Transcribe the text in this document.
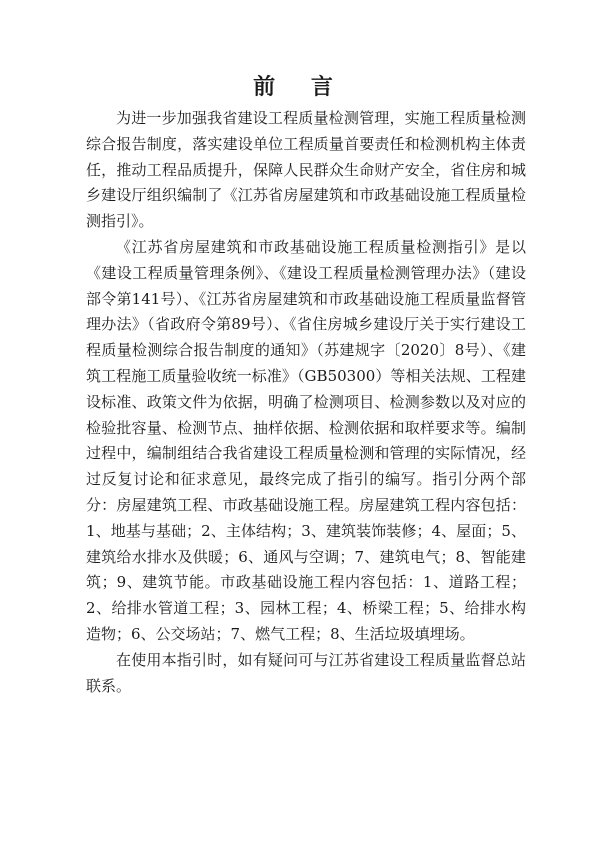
前 言

为进一步加强我省建设工程质量检测管理，实施工程质量检测综合报告制度，落实建设单位工程质量首要责任和检测机构主体责任，推动工程品质提升，保障人民群众生命财产安全，省住房和城乡建设厅组织编制了《江苏省房屋建筑和市政基础设施工程质量检测指引》。

《江苏省房屋建筑和市政基础设施工程质量检测指引》是以《建设工程质量管理条例》、《建设工程质量检测管理办法》（建设部令第141号）、《江苏省房屋建筑和市政基础设施工程质量监督管理办法》（省政府令第89号）、《省住房城乡建设厅关于实行建设工程质量检测综合报告制度的通知》（苏建规字〔2020〕8号）、《建筑工程施工质量验收统一标准》（GB50300）等相关法规、工程建设标准、政策文件为依据，明确了检测项目、检测参数以及对应的检验批容量、检测节点、抽样依据、检测依据和取样要求等。编制过程中，编制组结合我省建设工程质量检测和管理的实际情况，经过反复讨论和征求意见，最终完成了指引的编写。指引分两个部分：房屋建筑工程、市政基础设施工程。房屋建筑工程内容包括：1、地基与基础；2、主体结构；3、建筑装饰装修；4、屋面；5、建筑给水排水及供暖；6、通风与空调；7、建筑电气；8、智能建筑；9、建筑节能。市政基础设施工程内容包括：1、道路工程；2、给排水管道工程；3、园林工程；4、桥梁工程；5、给排水构造物；6、公交场站；7、燃气工程；8、生活垃圾填埋场。

在使用本指引时，如有疑问可与江苏省建设工程质量监督总站联系。
